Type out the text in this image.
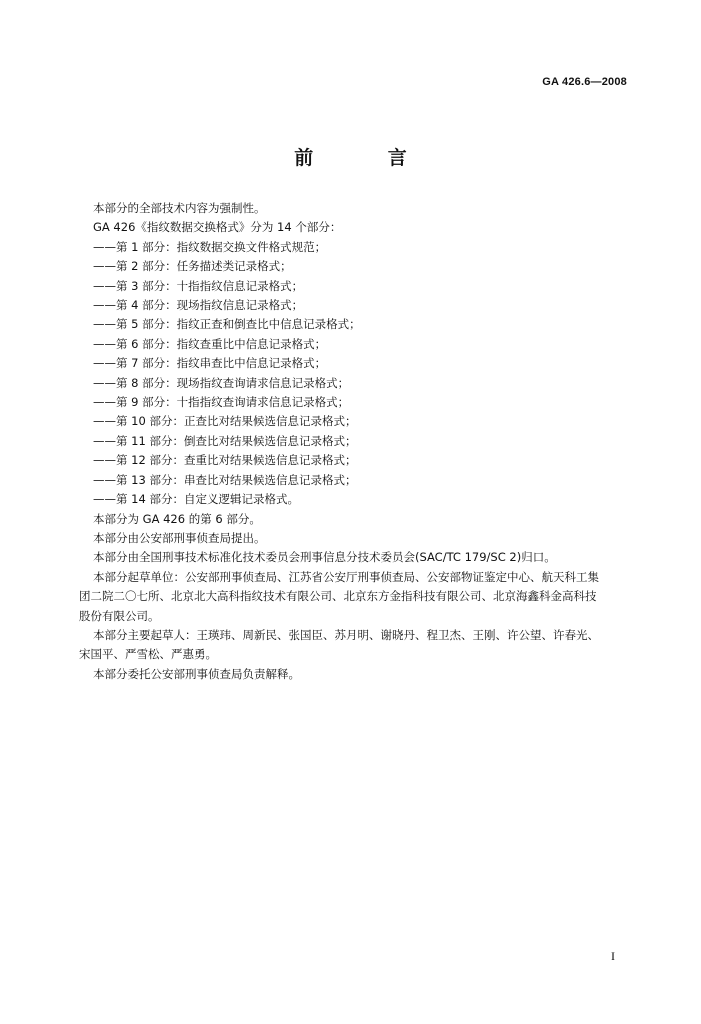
GA 426.6—2008
前 言
本部分的全部技术内容为强制性。
GA 426《指纹数据交换格式》分为 14 个部分：
——第 1 部分：指纹数据交换文件格式规范；
——第 2 部分：任务描述类记录格式；
——第 3 部分：十指指纹信息记录格式；
——第 4 部分：现场指纹信息记录格式；
——第 5 部分：指纹正查和倒查比中信息记录格式；
——第 6 部分：指纹查重比中信息记录格式；
——第 7 部分：指纹串查比中信息记录格式；
——第 8 部分：现场指纹查询请求信息记录格式；
——第 9 部分：十指指纹查询请求信息记录格式；
——第 10 部分：正查比对结果候选信息记录格式；
——第 11 部分：倒查比对结果候选信息记录格式；
——第 12 部分：查重比对结果候选信息记录格式；
——第 13 部分：串查比对结果候选信息记录格式；
——第 14 部分：自定义逻辑记录格式。
本部分为 GA 426 的第 6 部分。
本部分由公安部刑事侦查局提出。
本部分由全国刑事技术标准化技术委员会刑事信息分技术委员会(SAC/TC 179/SC 2)归口。
本部分起草单位：公安部刑事侦查局、江苏省公安厅刑事侦查局、公安部物证鉴定中心、航天科工集
团二院二〇七所、北京北大高科指纹技术有限公司、北京东方金指科技有限公司、北京海鑫科金高科技
股份有限公司。
本部分主要起草人：王瑛玮、周新民、张国臣、苏月明、谢晓丹、程卫杰、王刚、许公望、许春光、
宋国平、严雪松、严惠勇。
本部分委托公安部刑事侦查局负责解释。
I
